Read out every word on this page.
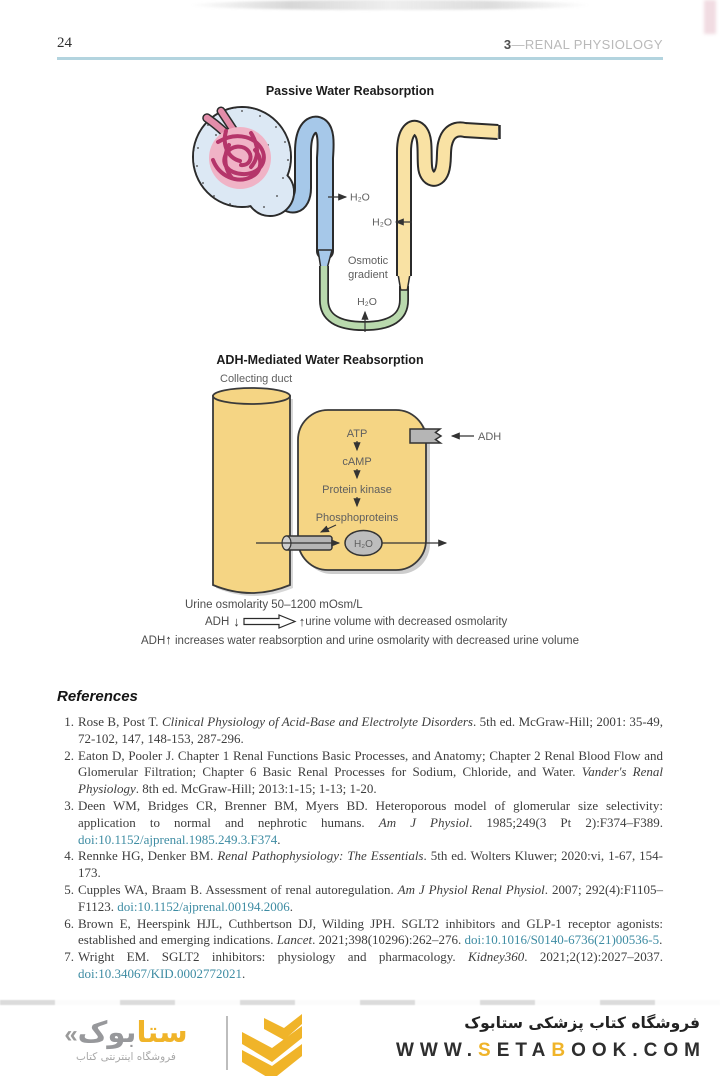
24	3—RENAL PHYSIOLOGY
Passive Water Reabsorption
H₂O
H₂O
Osmotic
gradient
H₂O
ADH-Mediated Water Reabsorption
Collecting duct
ADH
ATP
cAMP
Protein kinase
Phosphoproteins
H₂O
Urine osmolarity 50–1200 mOsm/L
ADH ↓	↑ urine volume with decreased osmolarity
ADH↑ increases water reabsorption and urine osmolarity with decreased urine volume
References
1. Rose B, Post T. Clinical Physiology of Acid-Base and Electrolyte Disorders. 5th ed. McGraw-Hill; 2001: 35-49, 72-102, 147, 148-153, 287-296.
2. Eaton D, Pooler J. Chapter 1 Renal Functions Basic Processes, and Anatomy; Chapter 2 Renal Blood Flow and Glomerular Filtration; Chapter 6 Basic Renal Processes for Sodium, Chloride, and Water. Vander's Renal Physiology. 8th ed. McGraw-Hill; 2013:1-15; 1-13; 1-20.
3. Deen WM, Bridges CR, Brenner BM, Myers BD. Heteroporous model of glomerular size selectivity: application to normal and nephrotic humans. Am J Physiol. 1985;249(3 Pt 2):F374–F389. doi:10.1152/ajprenal.1985.249.3.F374.
4. Rennke HG, Denker BM. Renal Pathophysiology: The Essentials. 5th ed. Wolters Kluwer; 2020:vi, 1-67, 154-173.
5. Cupples WA, Braam B. Assessment of renal autoregulation. Am J Physiol Renal Physiol. 2007; 292(4):F1105–F1123. doi:10.1152/ajprenal.00194.2006.
6. Brown E, Heerspink HJL, Cuthbertson DJ, Wilding JPH. SGLT2 inhibitors and GLP-1 receptor agonists: established and emerging indications. Lancet. 2021;398(10296):262–276. doi:10.1016/S0140-6736(21)00536-5.
7. Wright EM. SGLT2 inhibitors: physiology and pharmacology. Kidney360. 2021;2(12):2027–2037. doi:10.34067/KID.0002772021.
«	ستابوک
فروشگاه اینترنتی کتاب
فروشگاه کتاب پزشکی ستابوک
WWW.SETABOOK.COM
